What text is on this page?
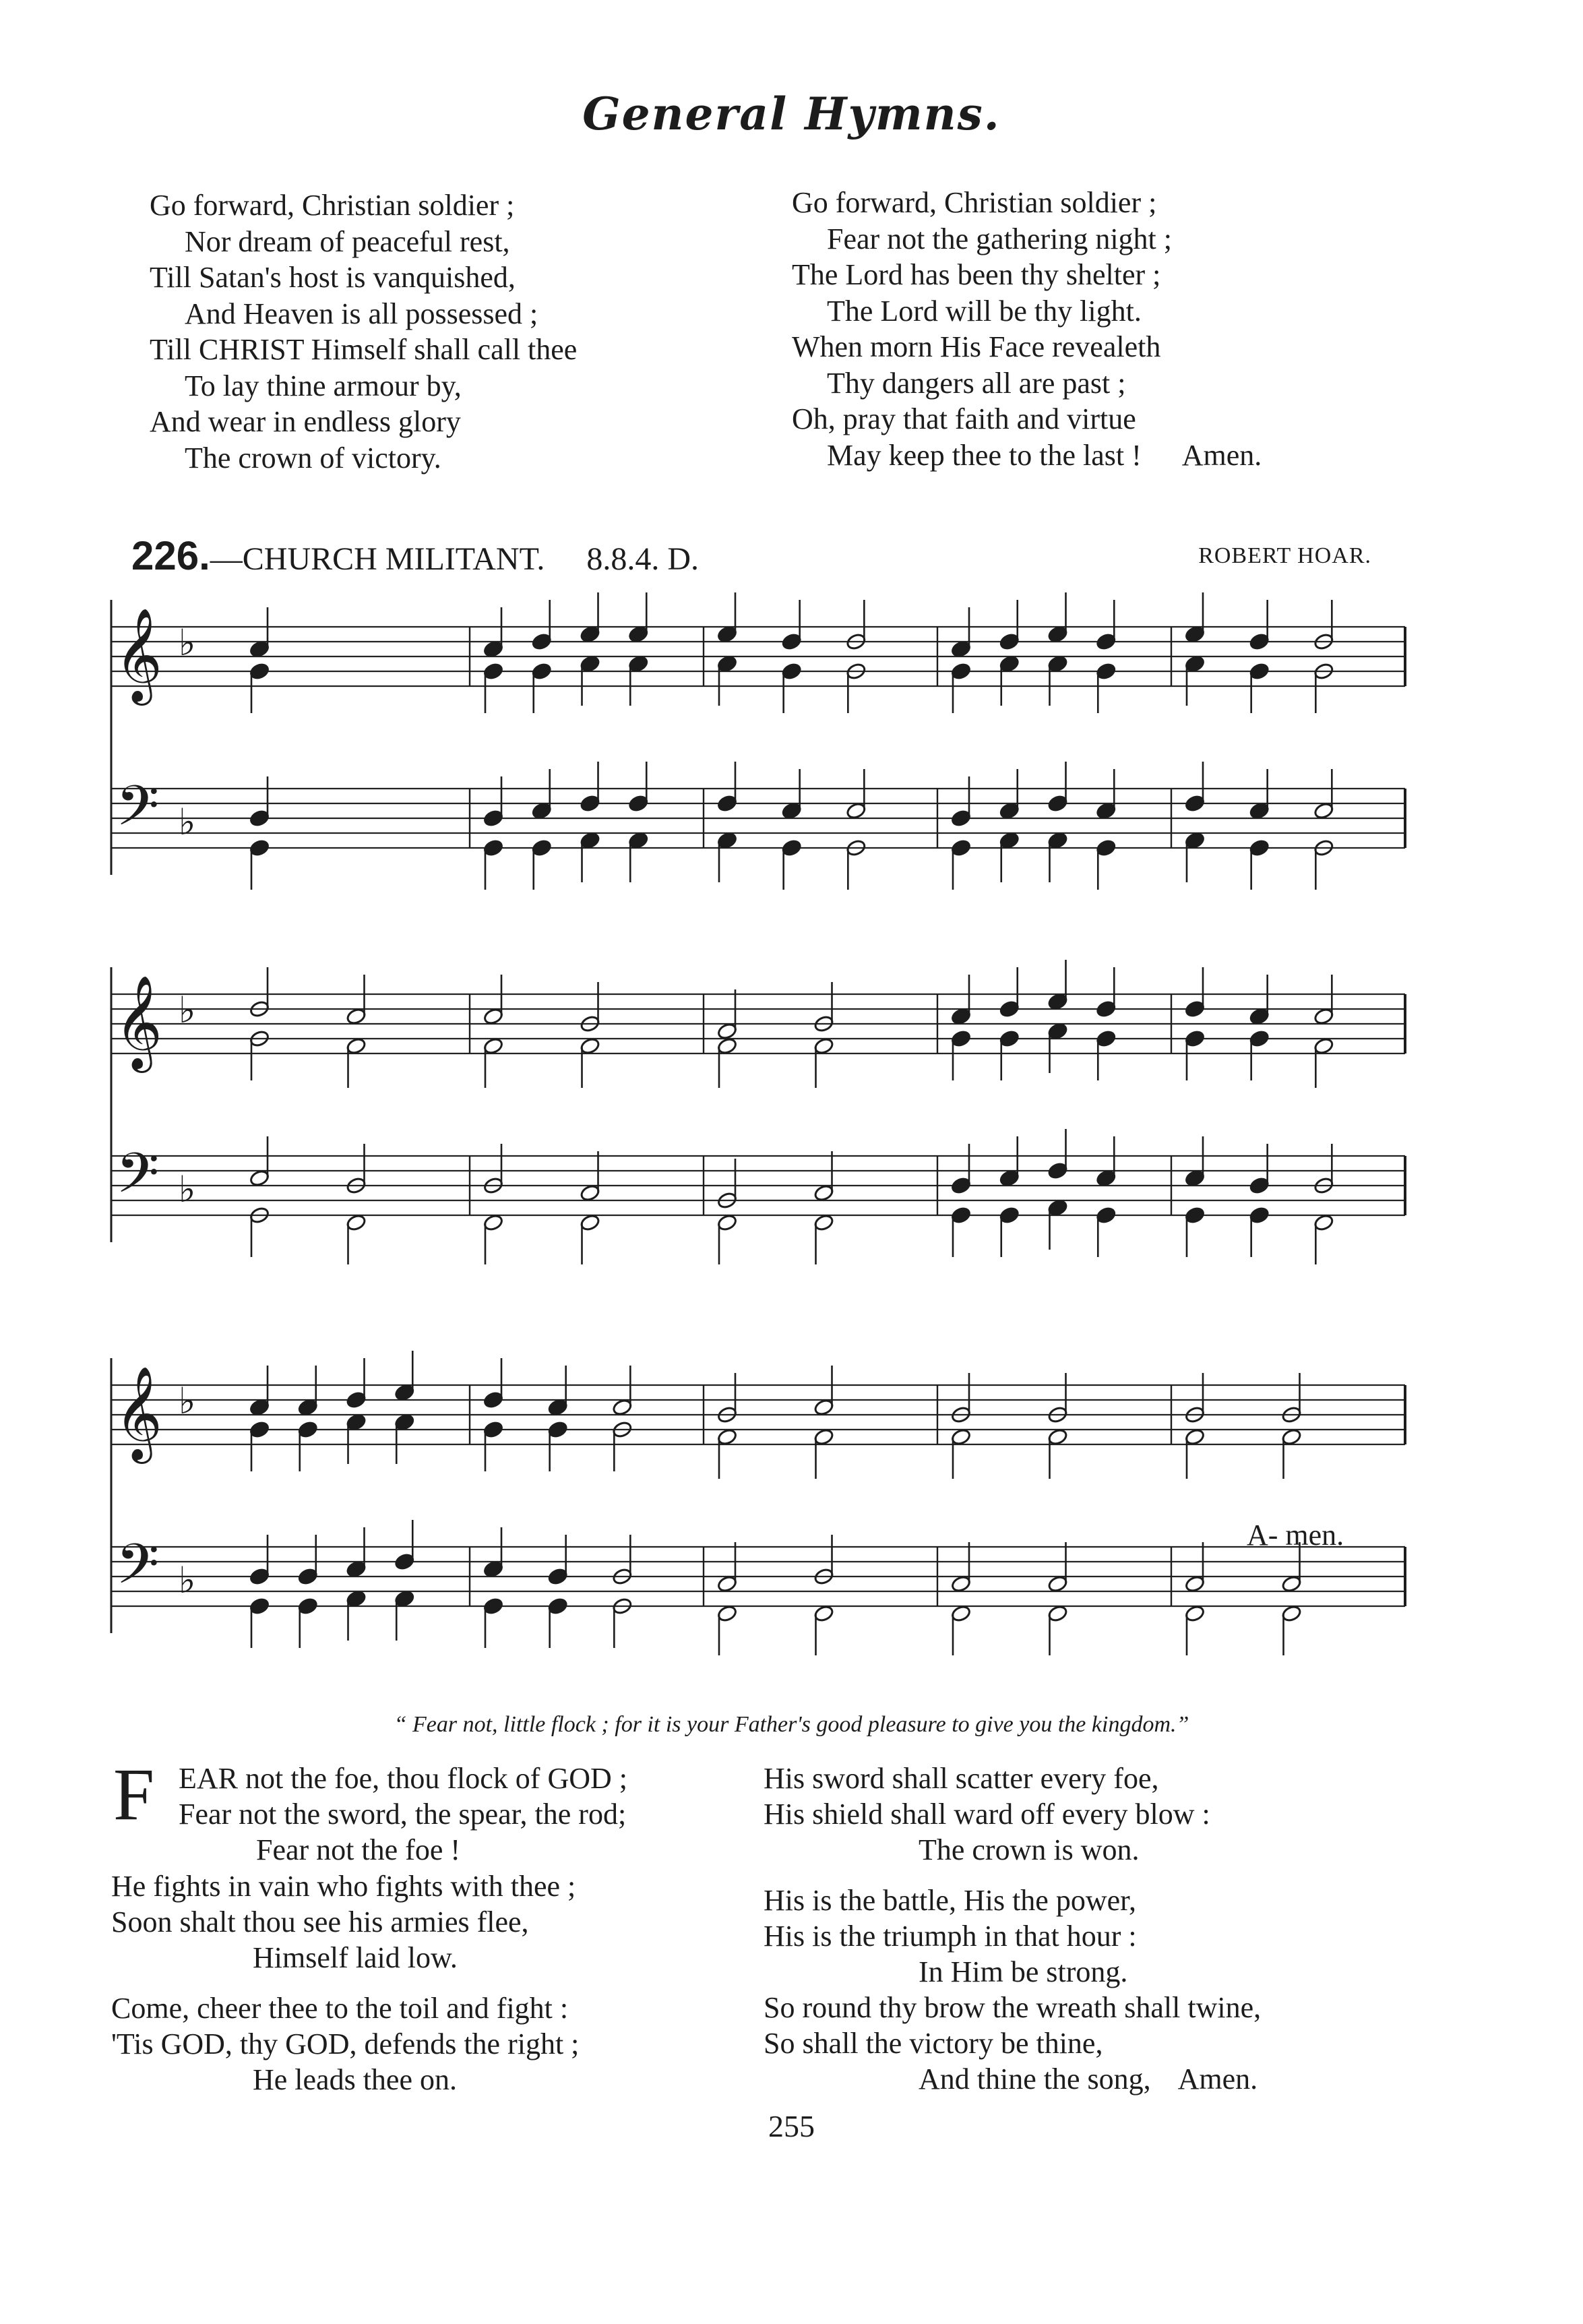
General Hymns.
Go forward, Christian soldier ;
Nor dream of peaceful rest,
Till Satan's host is vanquished,
And Heaven is all possessed ;
Till CHRIST Himself shall call thee
To lay thine armour by,
And wear in endless glory
The crown of victory.
Go forward, Christian soldier ;
Fear not the gathering night ;
The Lord has been thy shelter ;
The Lord will be thy light.
When morn His Face revealeth
Thy dangers all are past ;
Oh, pray that faith and virtue
May keep thee to the last ! Amen.
226.—CHURCH MILITANT. 8.8.4. D.	ROBERT HOAR.
𝄞
𝄢
♭
♭
𝄞
𝄢
♭
♭
𝄞
𝄢
♭
♭
A- men.
“ Fear not, little flock ; for it is your Father's good pleasure to give you the kingdom.”
F EAR not the foe, thou flock of GOD ;
Fear not the sword, the spear, the rod;
Fear not the foe !
He fights in vain who fights with thee ;
Soon shalt thou see his armies flee,
Himself laid low.
Come, cheer thee to the toil and fight :
'Tis GOD, thy GOD, defends the right ;
He leads thee on.
His sword shall scatter every foe,
His shield shall ward off every blow :
The crown is won.
His is the battle, His the power,
His is the triumph in that hour :
In Him be strong.
So round thy brow the wreath shall twine,
So shall the victory be thine,
And thine the song, Amen.
255
